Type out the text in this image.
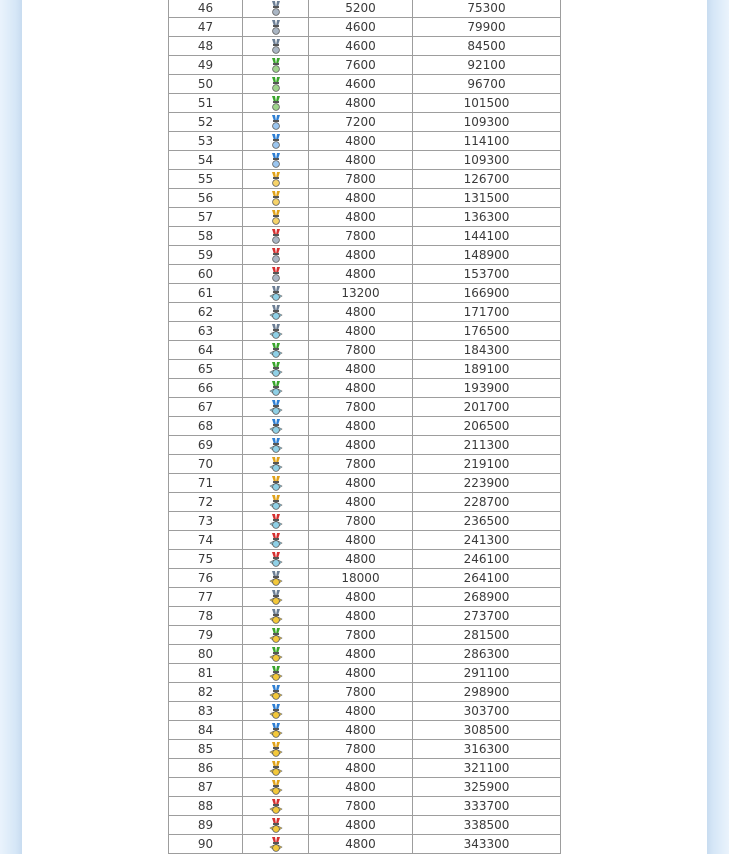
46		5200	75300
47		4600	79900
48		4600	84500
49		7600	92100
50		4600	96700
51		4800	101500
52		7200	109300
53		4800	114100
54		4800	109300
55		7800	126700
56		4800	131500
57		4800	136300
58		7800	144100
59		4800	148900
60		4800	153700
61		13200	166900
62		4800	171700
63		4800	176500
64		7800	184300
65		4800	189100
66		4800	193900
67		7800	201700
68		4800	206500
69		4800	211300
70		7800	219100
71		4800	223900
72		4800	228700
73		7800	236500
74		4800	241300
75		4800	246100
76		18000	264100
77		4800	268900
78		4800	273700
79		7800	281500
80		4800	286300
81		4800	291100
82		7800	298900
83		4800	303700
84		4800	308500
85		7800	316300
86		4800	321100
87		4800	325900
88		7800	333700
89		4800	338500
90		4800	343300
